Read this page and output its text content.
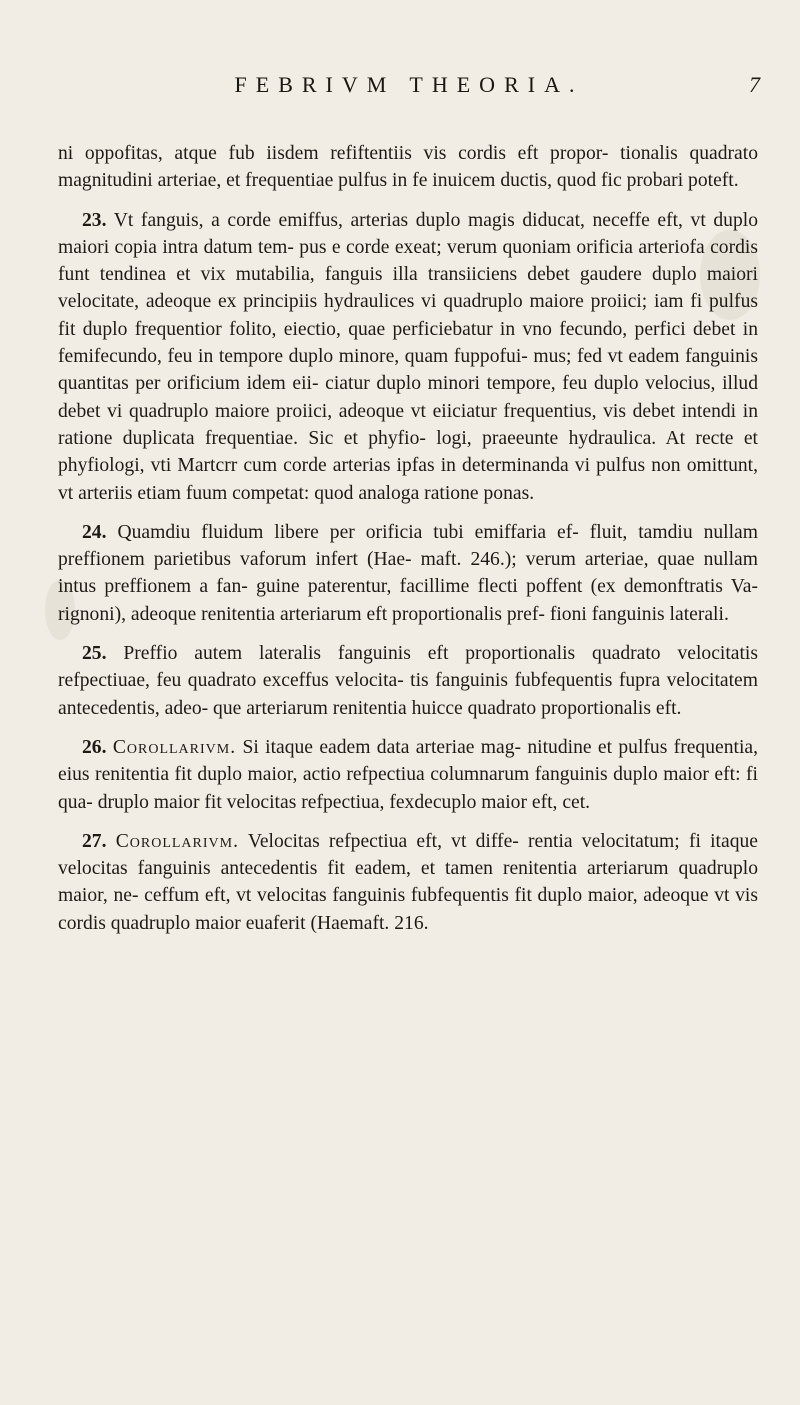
FEBRIVM THEORIA.	7

ni oppofitas, atque fub iisdem refiftentiis vis cordis eft propor- tionalis quadrato magnitudini arteriae, et frequentiae pulfus in fe inuicem ductis, quod fic probari poteft.

23. Vt fanguis, a corde emiffus, arterias duplo magis diducat, neceffe eft, vt duplo maiori copia intra datum tem- pus e corde exeat; verum quoniam orificia arteriofa cordis funt tendinea et vix mutabilia, fanguis illa transiiciens debet gaudere duplo maiori velocitate, adeoque ex principiis hydraulices vi quadruplo maiore proiici; iam fi pulfus fit duplo frequentior folito, eiectio, quae perficiebatur in vno fecundo, perfici debet in femifecundo, feu in tempore duplo minore, quam fuppofui- mus; fed vt eadem fanguinis quantitas per orificium idem eii- ciatur duplo minori tempore, feu duplo velocius, illud debet vi quadruplo maiore proiici, adeoque vt eiiciatur frequentius, vis debet intendi in ratione duplicata frequentiae. Sic et phyfio- logi, praeeunte hydraulica. At recte et phyfiologi, vti Martcrr cum corde arterias ipfas in determinanda vi pulfus non omittunt, vt arteriis etiam fuum competat: quod analoga ratione ponas.

24. Quamdiu fluidum libere per orificia tubi emiffaria ef- fluit, tamdiu nullam preffionem parietibus vaforum infert (Hae- maft. 246.); verum arteriae, quae nullam intus preffionem a fan- guine paterentur, facillime flecti poffent (ex demonftratis Va- rignoni), adeoque renitentia arteriarum eft proportionalis pref- fioni fanguinis laterali.

25. Preffio autem lateralis fanguinis eft proportionalis quadrato velocitatis refpectiuae, feu quadrato exceffus velocita- tis fanguinis fubfequentis fupra velocitatem antecedentis, adeo- que arteriarum renitentia huicce quadrato proportionalis eft.

26. Corollarivm. Si itaque eadem data arteriae mag- nitudine et pulfus frequentia, eius renitentia fit duplo maior, actio refpectiua columnarum fanguinis duplo maior eft: fi qua- druplo maior fit velocitas refpectiua, fexdecuplo maior eft, cet.

27. Corollarivm. Velocitas refpectiua eft, vt diffe- rentia velocitatum; fi itaque velocitas fanguinis antecedentis fit eadem, et tamen renitentia arteriarum quadruplo maior, ne- ceffum eft, vt velocitas fanguinis fubfequentis fit duplo maior, adeoque vt vis cordis quadruplo maior euaferit (Haemaft. 216.
